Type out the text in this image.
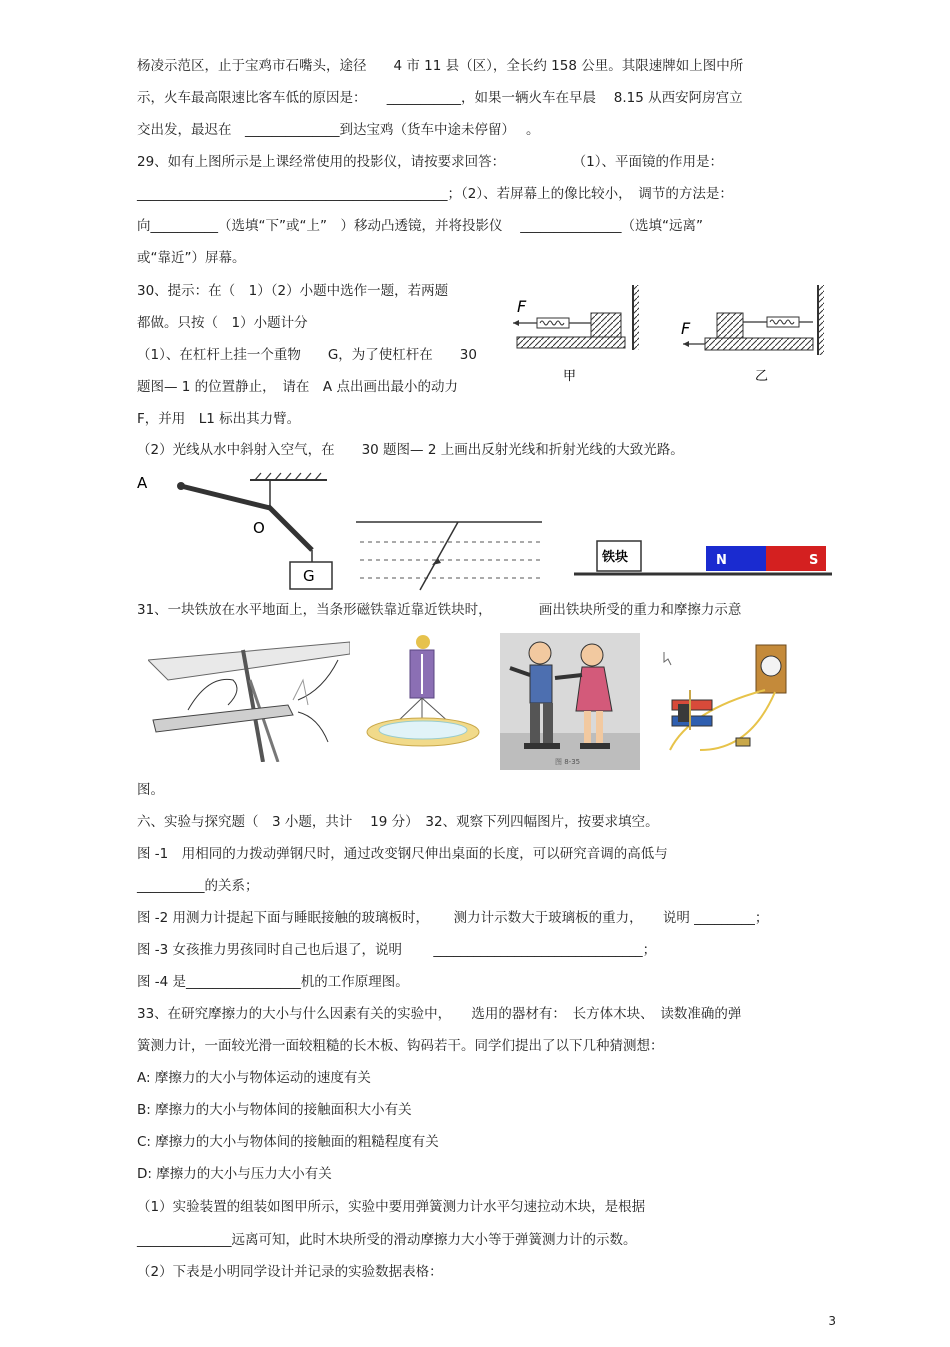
杨凌示范区，止于宝鸡市石嘴头，途径　　4 市 11 县（区），全长约 158 公里。其限速牌如上图中所
示，火车最高限速比客车低的原因是：　　___________，如果一辆火车在早晨　 8.15 从西安阿房宫立
交出发，最迟在　______________到达宝鸡（货车中途未停留）　 。
29、如有上图所示是上课经常使用的投影仪，请按要求回答：　　　　　　（1）、平面镜的作用是：
______________________________________________；（2）、若屏幕上的像比较小，　调节的方法是：
向__________（选填“下”或“上”　）移动凸透镜，并将投影仪　 _______________（选填“远离”
或“靠近”）屏幕。
30、提示：在（　1）（2）小题中选作一题，若两题
都做。只按（　1）小题计分
（1）、在杠杆上挂一个重物　　G，为了使杠杆在　　30
题图— 1 的位置静止，　请在　A 点出画出最小的动力
F，并用　L1 标出其力臂。
（2）光线从水中斜射入空气，在　　30 题图— 2 上画出反射光线和折射光线的大致光路。
31、一块铁放在水平地面上，当条形磁铁靠近靠近铁块时，　　　　画出铁块所受的重力和摩擦力示意
图。
六、实验与探究题（　3 小题，共计　 19 分）　32、观察下列四幅图片，按要求填空。
图 -1　用相同的力拨动弹钢尺时，通过改变钢尺伸出桌面的长度，可以研究音调的高低与
__________的关系；
图 -2 用测力计提起下面与睡眠接触的玻璃板时，　　 测力计示数大于玻璃板的重力，　　说明 _________；
图 -3 女孩推力男孩同时自己也后退了，说明　　 _______________________________；
图 -4 是_________________机的工作原理图。
33、在研究摩擦力的大小与什么因素有关的实验中，　　选用的器材有：　长方体木块、　读数准确的弹
簧测力计，一面较光滑一面较粗糙的长木板、钩码若干。同学们提出了以下几种猜测想：
A: 摩擦力的大小与物体运动的速度有关
B: 摩擦力的大小与物体间的接触面积大小有关
C: 摩擦力的大小与物体间的接触面的粗糙程度有关
D: 摩擦力的大小与压力大小有关
（1）实验装置的组装如图甲所示，实验中要用弹簧测力计水平匀速拉动木块，是根据
______________远离可知，此时木块所受的滑动摩擦力大小等于弹簧测力计的示数。
（2）下表是小明同学设计并记录的实验数据表格：
F
甲
F
乙
A
O
G
铁块	N	S
图 8-35
3
